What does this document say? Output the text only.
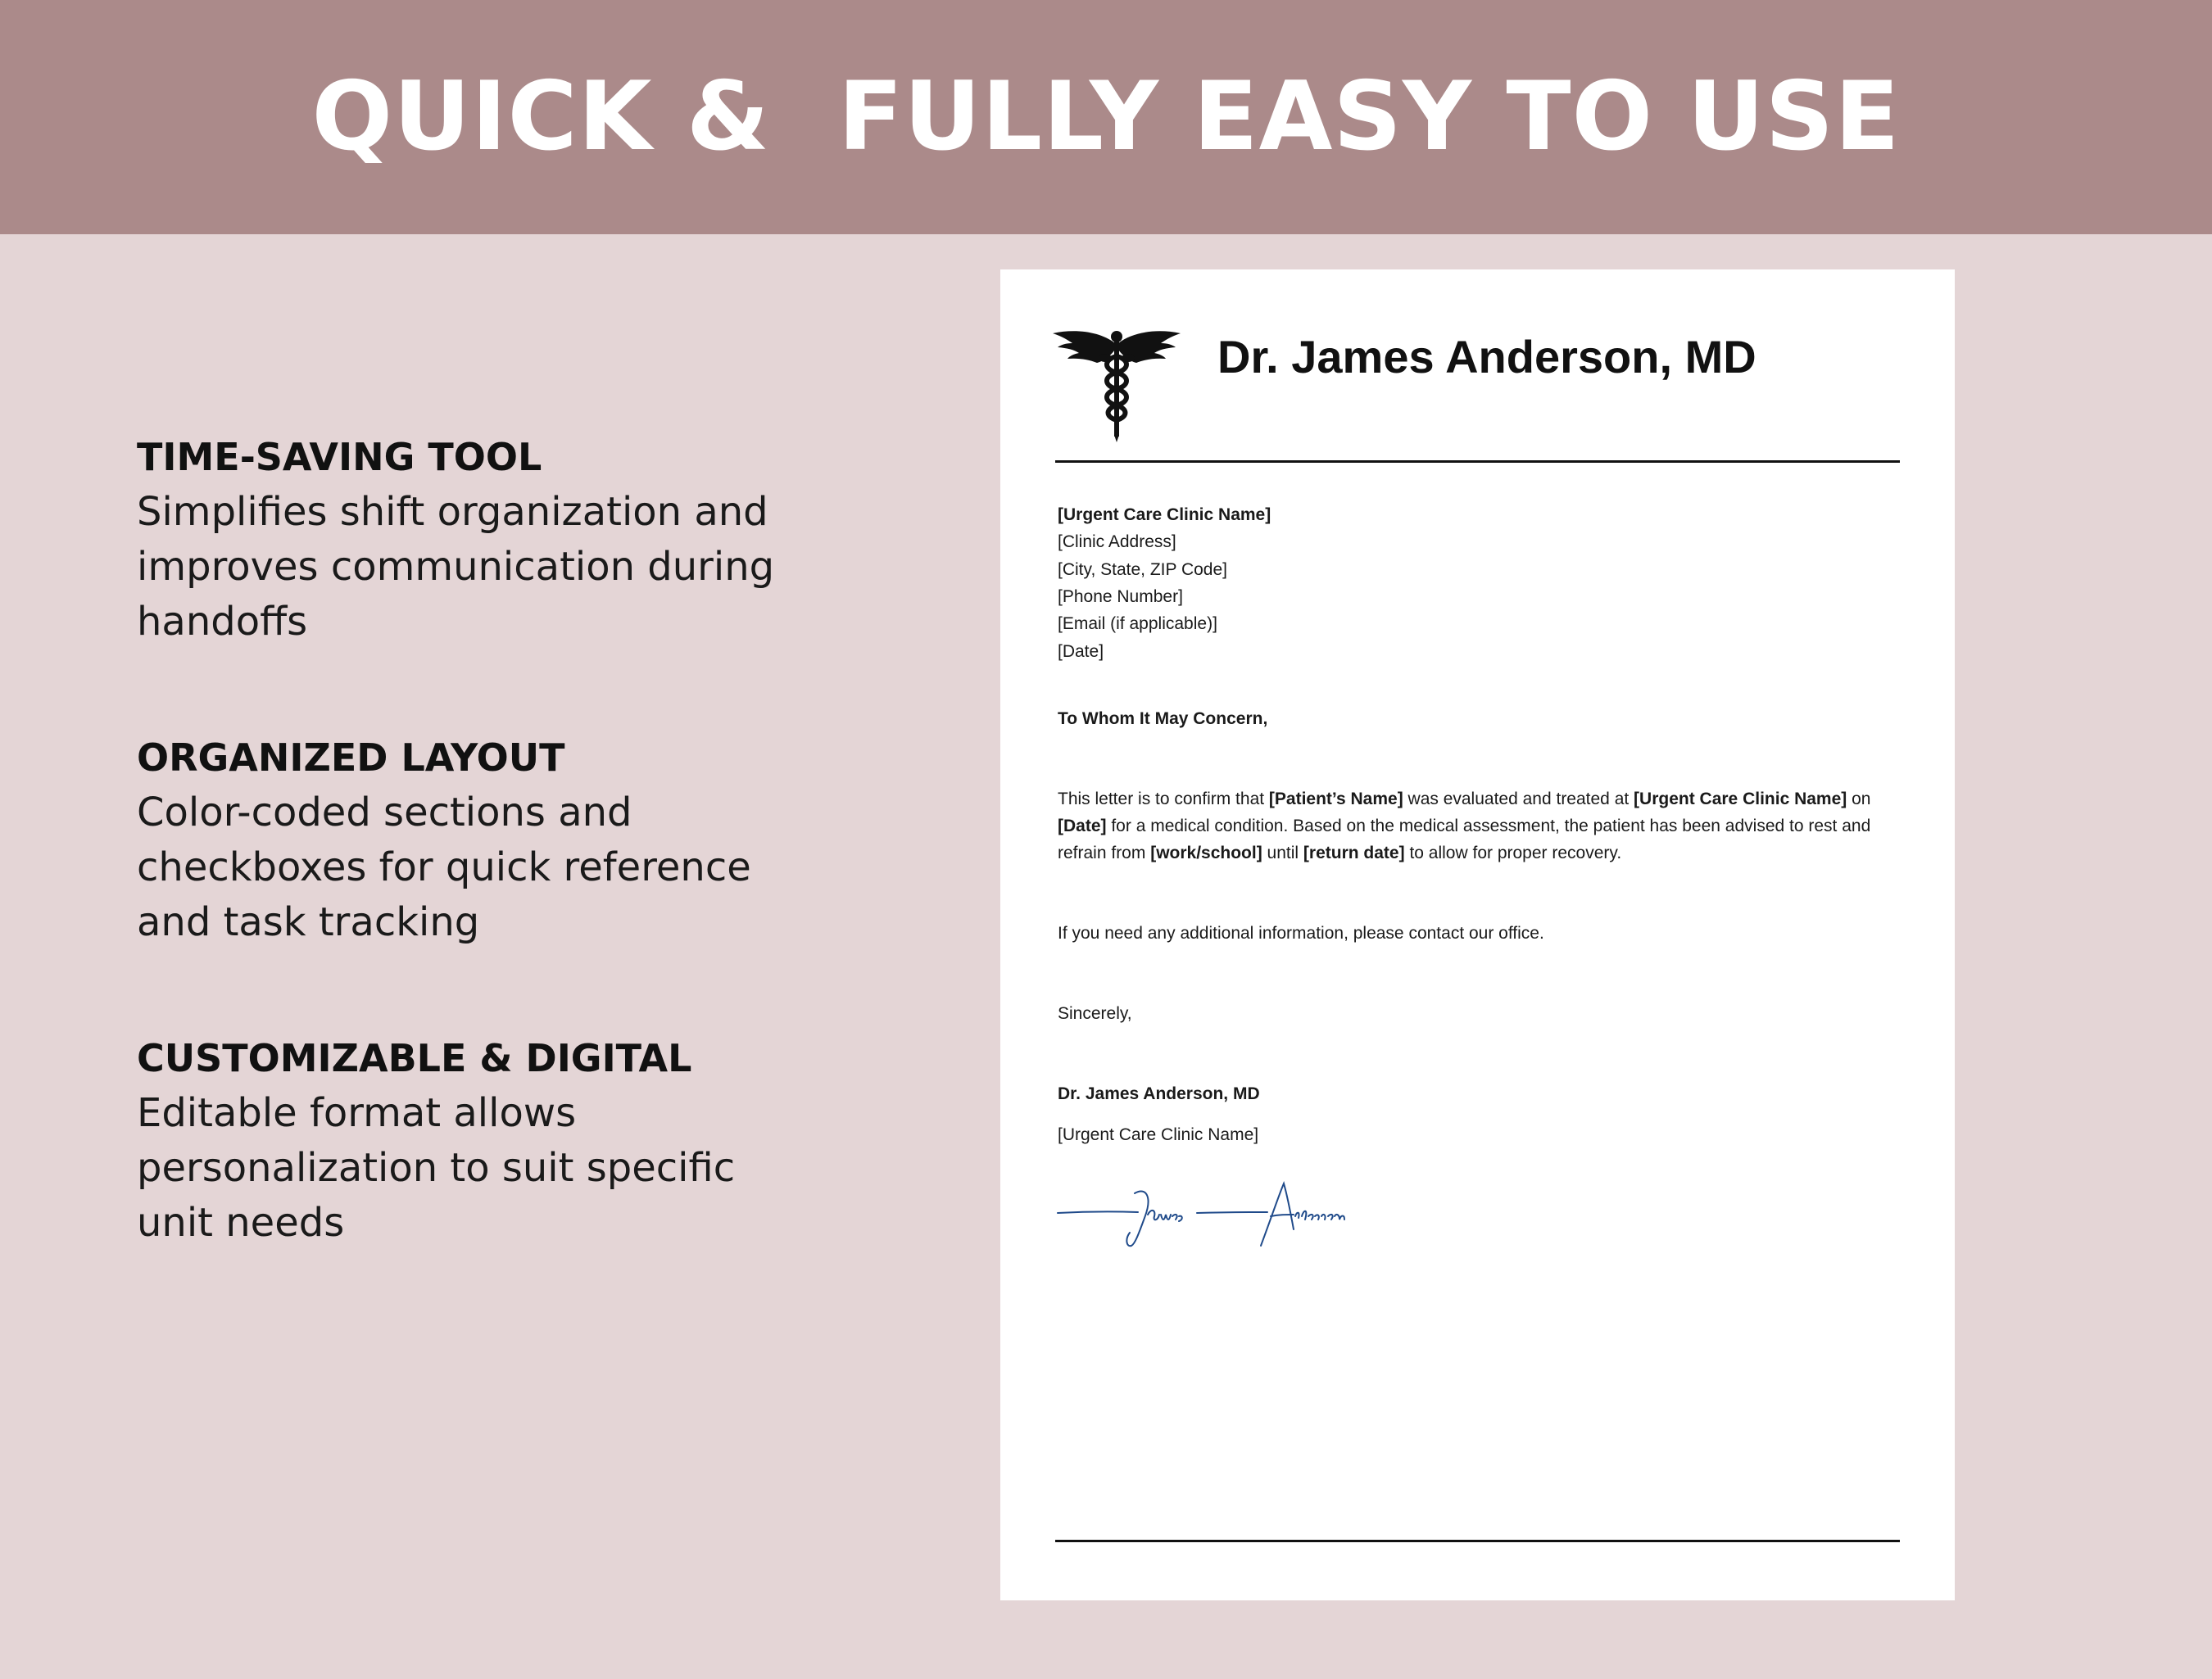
QUICK &  FULLY EASY TO USE
TIME-SAVING TOOL
Simplifies shift organization and
improves communication during
handoffs
ORGANIZED LAYOUT
Color-coded sections and
checkboxes for quick reference
and task tracking
CUSTOMIZABLE & DIGITAL
Editable format allows
personalization to suit specific
unit needs
Dr. James Anderson, MD
[Urgent Care Clinic Name]
[Clinic Address]
[City, State, ZIP Code]
[Phone Number]
[Email (if applicable)]
[Date]
To Whom It May Concern,
This letter is to confirm that [Patient’s Name] was evaluated and treated at [Urgent Care Clinic Name] on
[Date] for a medical condition. Based on the medical assessment, the patient has been advised to rest and
refrain from [work/school] until [return date] to allow for proper recovery.
If you need any additional information, please contact our office.
Sincerely,
Dr. James Anderson, MD
[Urgent Care Clinic Name]
